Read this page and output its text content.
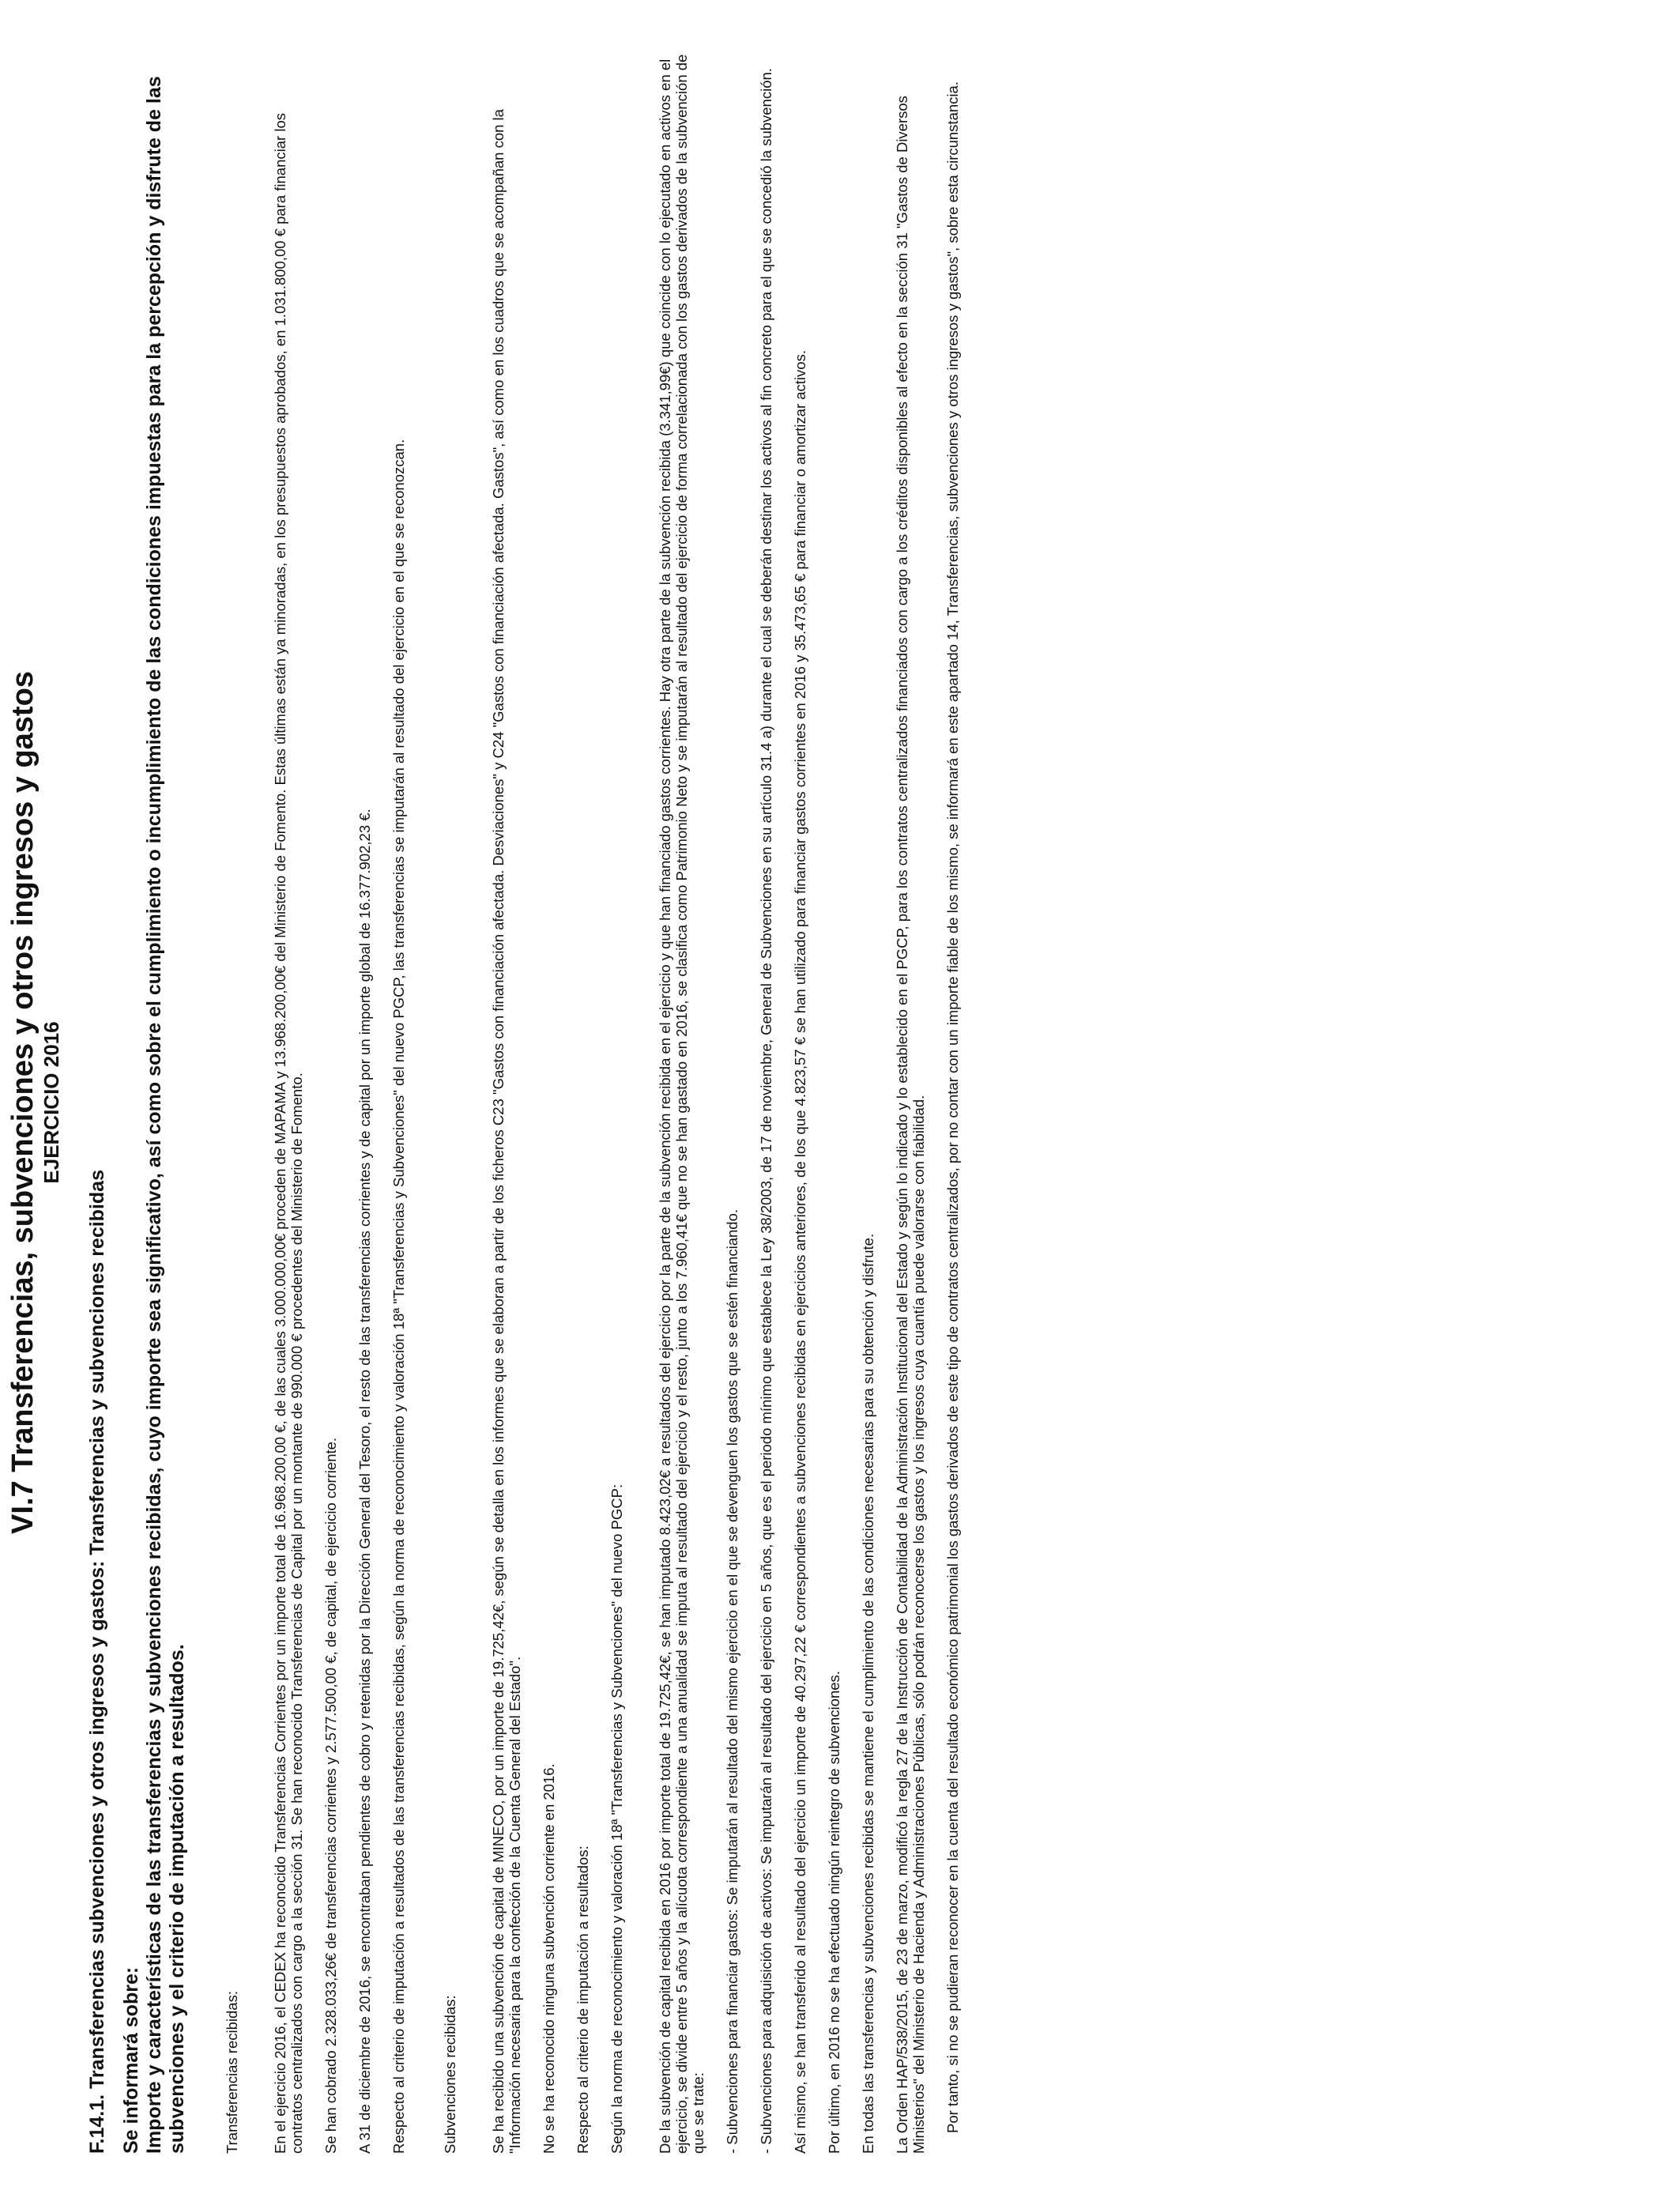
VI.7 Transferencias, subvenciones y otros ingresos y gastos EJERCICIO 2016

F.14.1. Transferencias subvenciones y otros ingresos y gastos: Transferencias y subvenciones recibidas Se informará sobre: Importe y características de las transferencias y subvenciones recibidas, cuyo importe sea significativo, así como sobre el cumplimiento o incumplimiento de las condiciones impuestas para la percepción y disfrute de las subvenciones y el criterio de imputación a resultados. Transferencias recibidas: En el ejercicio 2016, el CEDEX ha reconocido Transferencias Corrientes por un importe total de 16.968.200,00 €, de las cuales 3.000.000,00€ proceden de MAPAMA y 13.968.200,00€ del Ministerio de Fomento. Estas últimas están ya minoradas, en los presupuestos aprobados, en 1.031.800,00 € para financiar los contratos centralizados con cargo a la sección 31. Se han reconocido Transferencias de Capital por un montante de 990.000 € procedentes del Ministerio de Fomento. Se han cobrado 2.328.033,26€ de transferencias corrientes y 2.577.500,00 €, de capital, de ejercicio corriente. A 31 de diciembre de 2016, se encontraban pendientes de cobro y retenidas por la Dirección General del Tesoro, el resto de las transferencias corrientes y de capital por un importe global de 16.377.902,23 €. Respecto al criterio de imputación a resultados de las transferencias recibidas, según la norma de reconocimiento y valoración 18ª "Transferencias y Subvenciones" del nuevo PGCP, las transferencias se imputarán al resultado del ejercicio en el que se reconozcan. Subvenciones recibidas: Se ha recibido una subvención de capital de MINECO, por un importe de 19.725,42€, según se detalla en los informes que se elaboran a partir de los ficheros C23 "Gastos con financiación afectada. Desviaciones" y C24 "Gastos con financiación afectada. Gastos", así como en los cuadros que se acompañan con la "Información necesaria para la confección de la Cuenta General del Estado". No se ha reconocido ninguna subvención corriente en 2016. Respecto al criterio de imputación a resultados: Según la norma de reconocimiento y valoración 18ª "Transferencias y Subvenciones" del nuevo PGCP: De la subvención de capital recibida en 2016 por importe total de 19.725,42€, se han imputado 8.423,02€ a resultados del ejercicio por la parte de la subvención recibida en el ejercicio y que han financiado gastos corrientes. Hay otra parte de la subvención recibida (3.341,99€) que coincide con lo ejecutado en activos en el ejercicio, se divide entre 5 años y la alícuota correspondiente a una anualidad se imputa al resultado del ejercicio y el resto, junto a los 7.960,41€ que no se han gastado en 2016, se clasifica como Patrimonio Neto y se imputarán al resultado del ejercicio de forma correlacionada con los gastos derivados de la subvención de que se trate: - Subvenciones para financiar gastos: Se imputarán al resultado del mismo ejercicio en el que se devenguen los gastos que se estén financiando. - Subvenciones para adquisición de activos: Se imputarán al resultado del ejercicio en 5 años, que es el periodo mínimo que establece la Ley 38/2003, de 17 de noviembre, General de Subvenciones en su artículo 31.4 a) durante el cual se deberán destinar los activos al fin concreto para el que se concedió la subvención. Así mismo, se han transferido al resultado del ejercicio un importe de 40.297,22 € correspondientes a subvenciones recibidas en ejercicios anteriores, de los que 4.823,57 € se han utilizado para financiar gastos corrientes en 2016 y 35.473,65 € para financiar o amortizar activos. Por último, en 2016 no se ha efectuado ningún reintegro de subvenciones. En todas las transferencias y subvenciones recibidas se mantiene el cumplimiento de las condiciones necesarias para su obtención y disfrute. La Orden HAP/538/2015, de 23 de marzo, modificó la regla 27 de la Instrucción de Contabilidad de la Administración Institucional del Estado y según lo indicado y lo establecido en el PGCP, para los contratos centralizados financiados con cargo a los créditos disponibles al efecto en la sección 31 "Gastos de Diversos Ministerios" del Ministerio de Hacienda y Administraciones Públicas, sólo podrán reconocerse los gastos y los ingresos cuya cuantía puede valorarse con fiabilidad. Por tanto, si no se pudieran reconocer en la cuenta del resultado económico patrimonial los gastos derivados de este tipo de contratos centralizados, por no contar con un importe fiable de los mismo, se informará en este apartado 14, Transferencias, subvenciones y otros ingresos y gastos", sobre esta circunstancia.
